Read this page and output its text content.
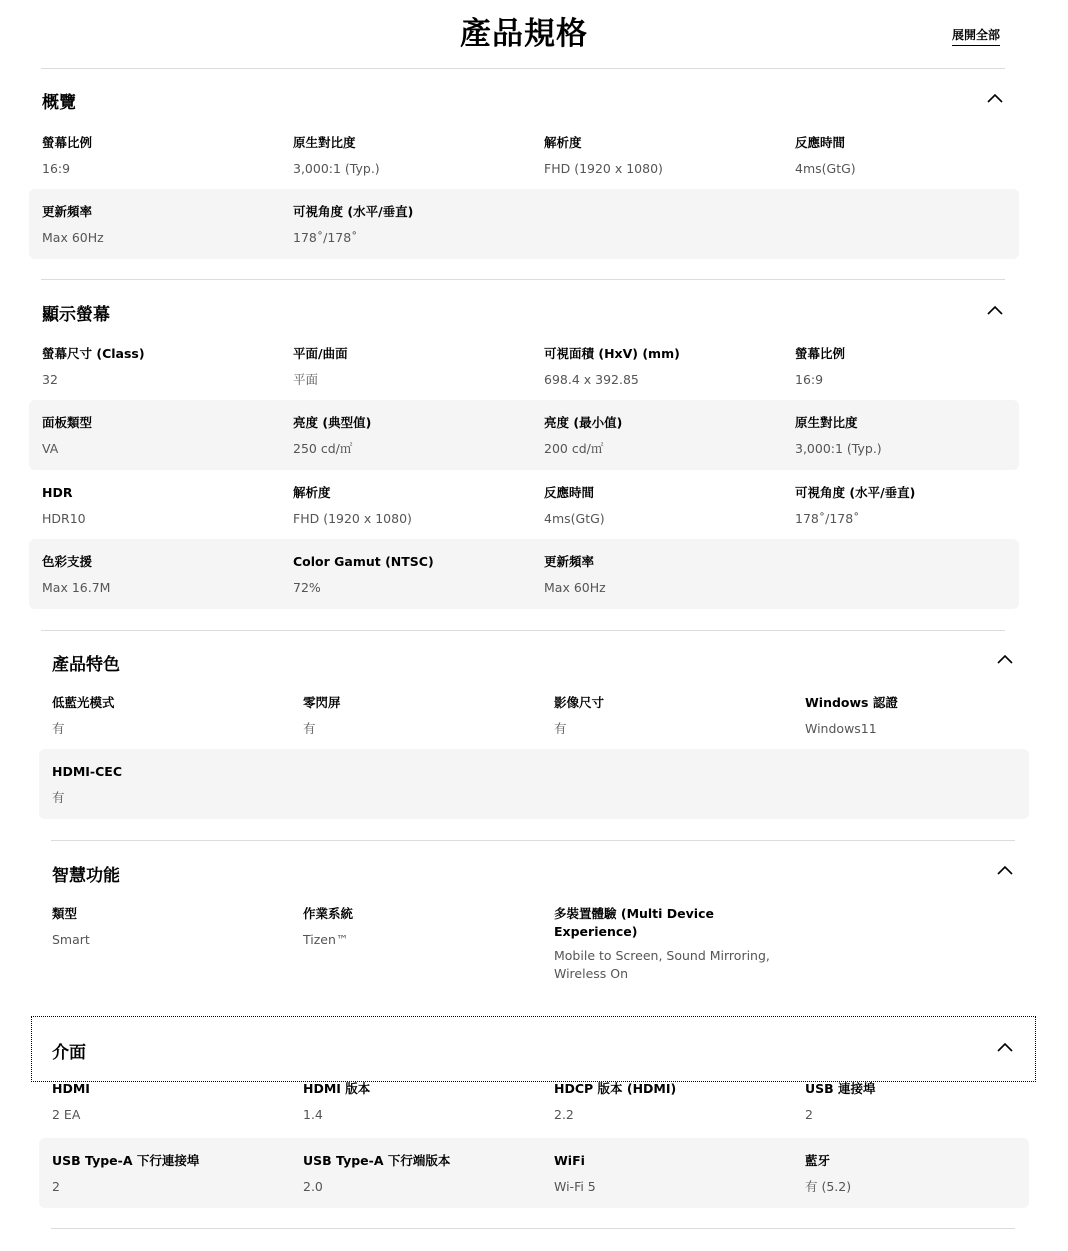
產品規格	展開全部
概覽
螢幕比例
16:9
原生對比度
3,000:1 (Typ.)
解析度
FHD (1920 x 1080)
反應時間
4ms(GtG)
更新頻率
Max 60Hz
可視角度 (水平/垂直)
178˚/178˚
顯示螢幕
螢幕尺寸 (Class)
32
平面/曲面
平面
可視面積 (HxV) (mm)
698.4 x 392.85
螢幕比例
16:9
面板類型
VA
亮度 (典型值)
250 cd/㎡
亮度 (最小值)
200 cd/㎡
原生對比度
3,000:1 (Typ.)
HDR
HDR10
解析度
FHD (1920 x 1080)
反應時間
4ms(GtG)
可視角度 (水平/垂直)
178˚/178˚
色彩支援
Max 16.7M
Color Gamut (NTSC)
72%
更新頻率
Max 60Hz
產品特色
低藍光模式
有
零閃屏
有
影像尺寸
有
Windows 認證
Windows11
HDMI-CEC
有
智慧功能
類型
Smart
作業系統
Tizen™
多裝置體驗 (Multi Device Experience)
Mobile to Screen, Sound Mirroring, Wireless On
介面
HDMI
2 EA
HDMI 版本
1.4
HDCP 版本 (HDMI)
2.2
USB 連接埠
2
USB Type-A 下行連接埠
2
USB Type-A 下行端版本
2.0
WiFi
Wi-Fi 5
藍牙
有 (5.2)
